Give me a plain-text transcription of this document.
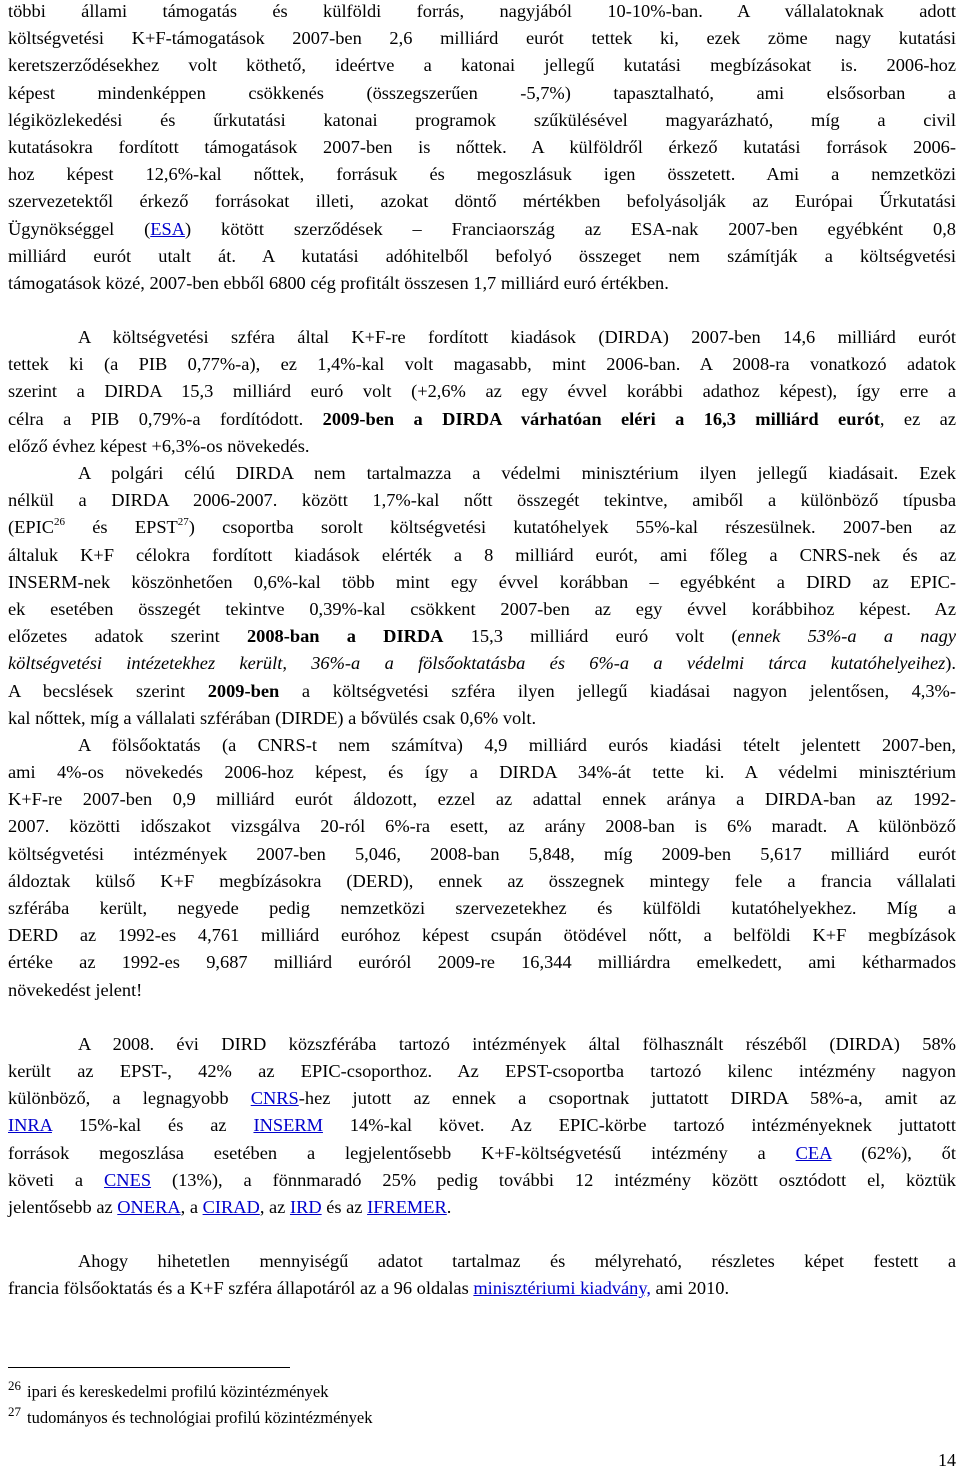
többi állami támogatás és külföldi forrás, nagyjából 10-10%-ban. A vállalatoknak adott
költségvetési K+F-támogatások 2007-ben 2,6 milliárd eurót tettek ki, ezek zöme nagy kutatási
keretszerződésekhez volt köthető, ideértve a katonai jellegű kutatási megbízásokat is. 2006-hoz
képest mindenképpen csökkenés (összegszerűen -5,7%) tapasztalható, ami elsősorban a
légiközlekedési és űrkutatási katonai programok szűkülésével magyarázható, míg a civil
kutatásokra fordított támogatások 2007-ben is nőttek. A külföldről érkező kutatási források 2006-
hoz képest 12,6%-kal nőttek, forrásuk és megoszlásuk igen összetett. Ami a nemzetközi
szervezetektől érkező forrásokat illeti, azokat döntő mértékben befolyásolják az Európai Űrkutatási
Ügynökséggel (ESA) kötött szerződések – Franciaország az ESA-nak 2007-ben egyébként 0,8
milliárd eurót utalt át. A kutatási adóhitelből befolyó összeget nem számítják a költségvetési
támogatások közé, 2007-ben ebből 6800 cég profitált összesen 1,7 milliárd euró értékben.

A költségvetési szféra által K+F-re fordított kiadások (DIRDA) 2007-ben 14,6 milliárd eurót
tettek ki (a PIB 0,77%-a), ez 1,4%-kal volt magasabb, mint 2006-ban. A 2008-ra vonatkozó adatok
szerint a DIRDA 15,3 milliárd euró volt (+2,6% az egy évvel korábbi adathoz képest), így erre a
célra a PIB 0,79%-a fordítódott. 2009-ben a DIRDA várhatóan eléri a 16,3 milliárd eurót, ez az
előző évhez képest +6,3%-os növekedés.

A polgári célú DIRDA nem tartalmazza a védelmi minisztérium ilyen jellegű kiadásait. Ezek
nélkül a DIRDA 2006-2007. között 1,7%-kal nőtt összegét tekintve, amiből a különböző típusba
(EPIC$^{26}$ és EPST$^{27}$) csoportba sorolt költségvetési kutatóhelyek 55%-kal részesülnek. 2007-ben az
általuk K+F célokra fordított kiadások elérték a 8 milliárd eurót, ami főleg a CNRS-nek és az
INSERM-nek köszönhetően 0,6%-kal több mint egy évvel korábban – egyébként a DIRD az EPIC-
ek esetében összegét tekintve 0,39%-kal csökkent 2007-ben az egy évvel korábbihoz képest. Az
előzetes adatok szerint 2008-ban a DIRDA 15,3 milliárd euró volt (ennek 53%-a a nagy
költségvetési intézetekhez került, 36%-a a fölsőoktatásba és 6%-a a védelmi tárca kutatóhelyeihez).
A becslések szerint 2009-ben a költségvetési szféra ilyen jellegű kiadásai nagyon jelentősen, 4,3%-
kal nőttek, míg a vállalati szférában (DIRDE) a bővülés csak 0,6% volt.

A fölsőoktatás (a CNRS-t nem számítva) 4,9 milliárd eurós kiadási tételt jelentett 2007-ben,
ami 4%-os növekedés 2006-hoz képest, és így a DIRDA 34%-át tette ki. A védelmi minisztérium
K+F-re 2007-ben 0,9 milliárd eurót áldozott, ezzel az adattal ennek aránya a DIRDA-ban az 1992-
2007. közötti időszakot vizsgálva 20-ról 6%-ra esett, az arány 2008-ban is 6% maradt. A különböző
költségvetési intézmények 2007-ben 5,046, 2008-ban 5,848, míg 2009-ben 5,617 milliárd eurót
áldoztak külső K+F megbízásokra (DERD), ennek az összegnek mintegy fele a francia vállalati
szférába került, negyede pedig nemzetközi szervezetekhez és külföldi kutatóhelyekhez. Míg a
DERD az 1992-es 4,761 milliárd euróhoz képest csupán ötödével nőtt, a belföldi K+F megbízások
értéke az 1992-es 9,687 milliárd euróról 2009-re 16,344 milliárdra emelkedett, ami kétharmados
növekedést jelent!

A 2008. évi DIRD közszférába tartozó intézmények által fölhasznált részéből (DIRDA) 58%
került az EPST-, 42% az EPIC-csoporthoz. Az EPST-csoportba tartozó kilenc intézmény nagyon
különböző, a legnagyobb CNRS-hez jutott az ennek a csoportnak juttatott DIRDA 58%-a, amit az
INRA 15%-kal és az INSERM 14%-kal követ. Az EPIC-körbe tartozó intézményeknek juttatott
források megoszlása esetében a legjelentősebb K+F-költségvetésű intézmény a CEA (62%), őt
követi a CNES (13%), a fönnmaradó 25% pedig további 12 intézmény között osztódott el, köztük
jelentősebb az ONERA, a CIRAD, az IRD és az IFREMER.

Ahogy hihetetlen mennyiségű adatot tartalmaz és mélyreható, részletes képet festett a
francia fölsőoktatás és a K+F szféra állapotáról az a 96 oldalas minisztériumi kiadvány, ami 2010.

$^{26}$ ipari és kereskedelmi profilú közintézmények
$^{27}$ tudományos és technológiai profilú közintézmények
14
